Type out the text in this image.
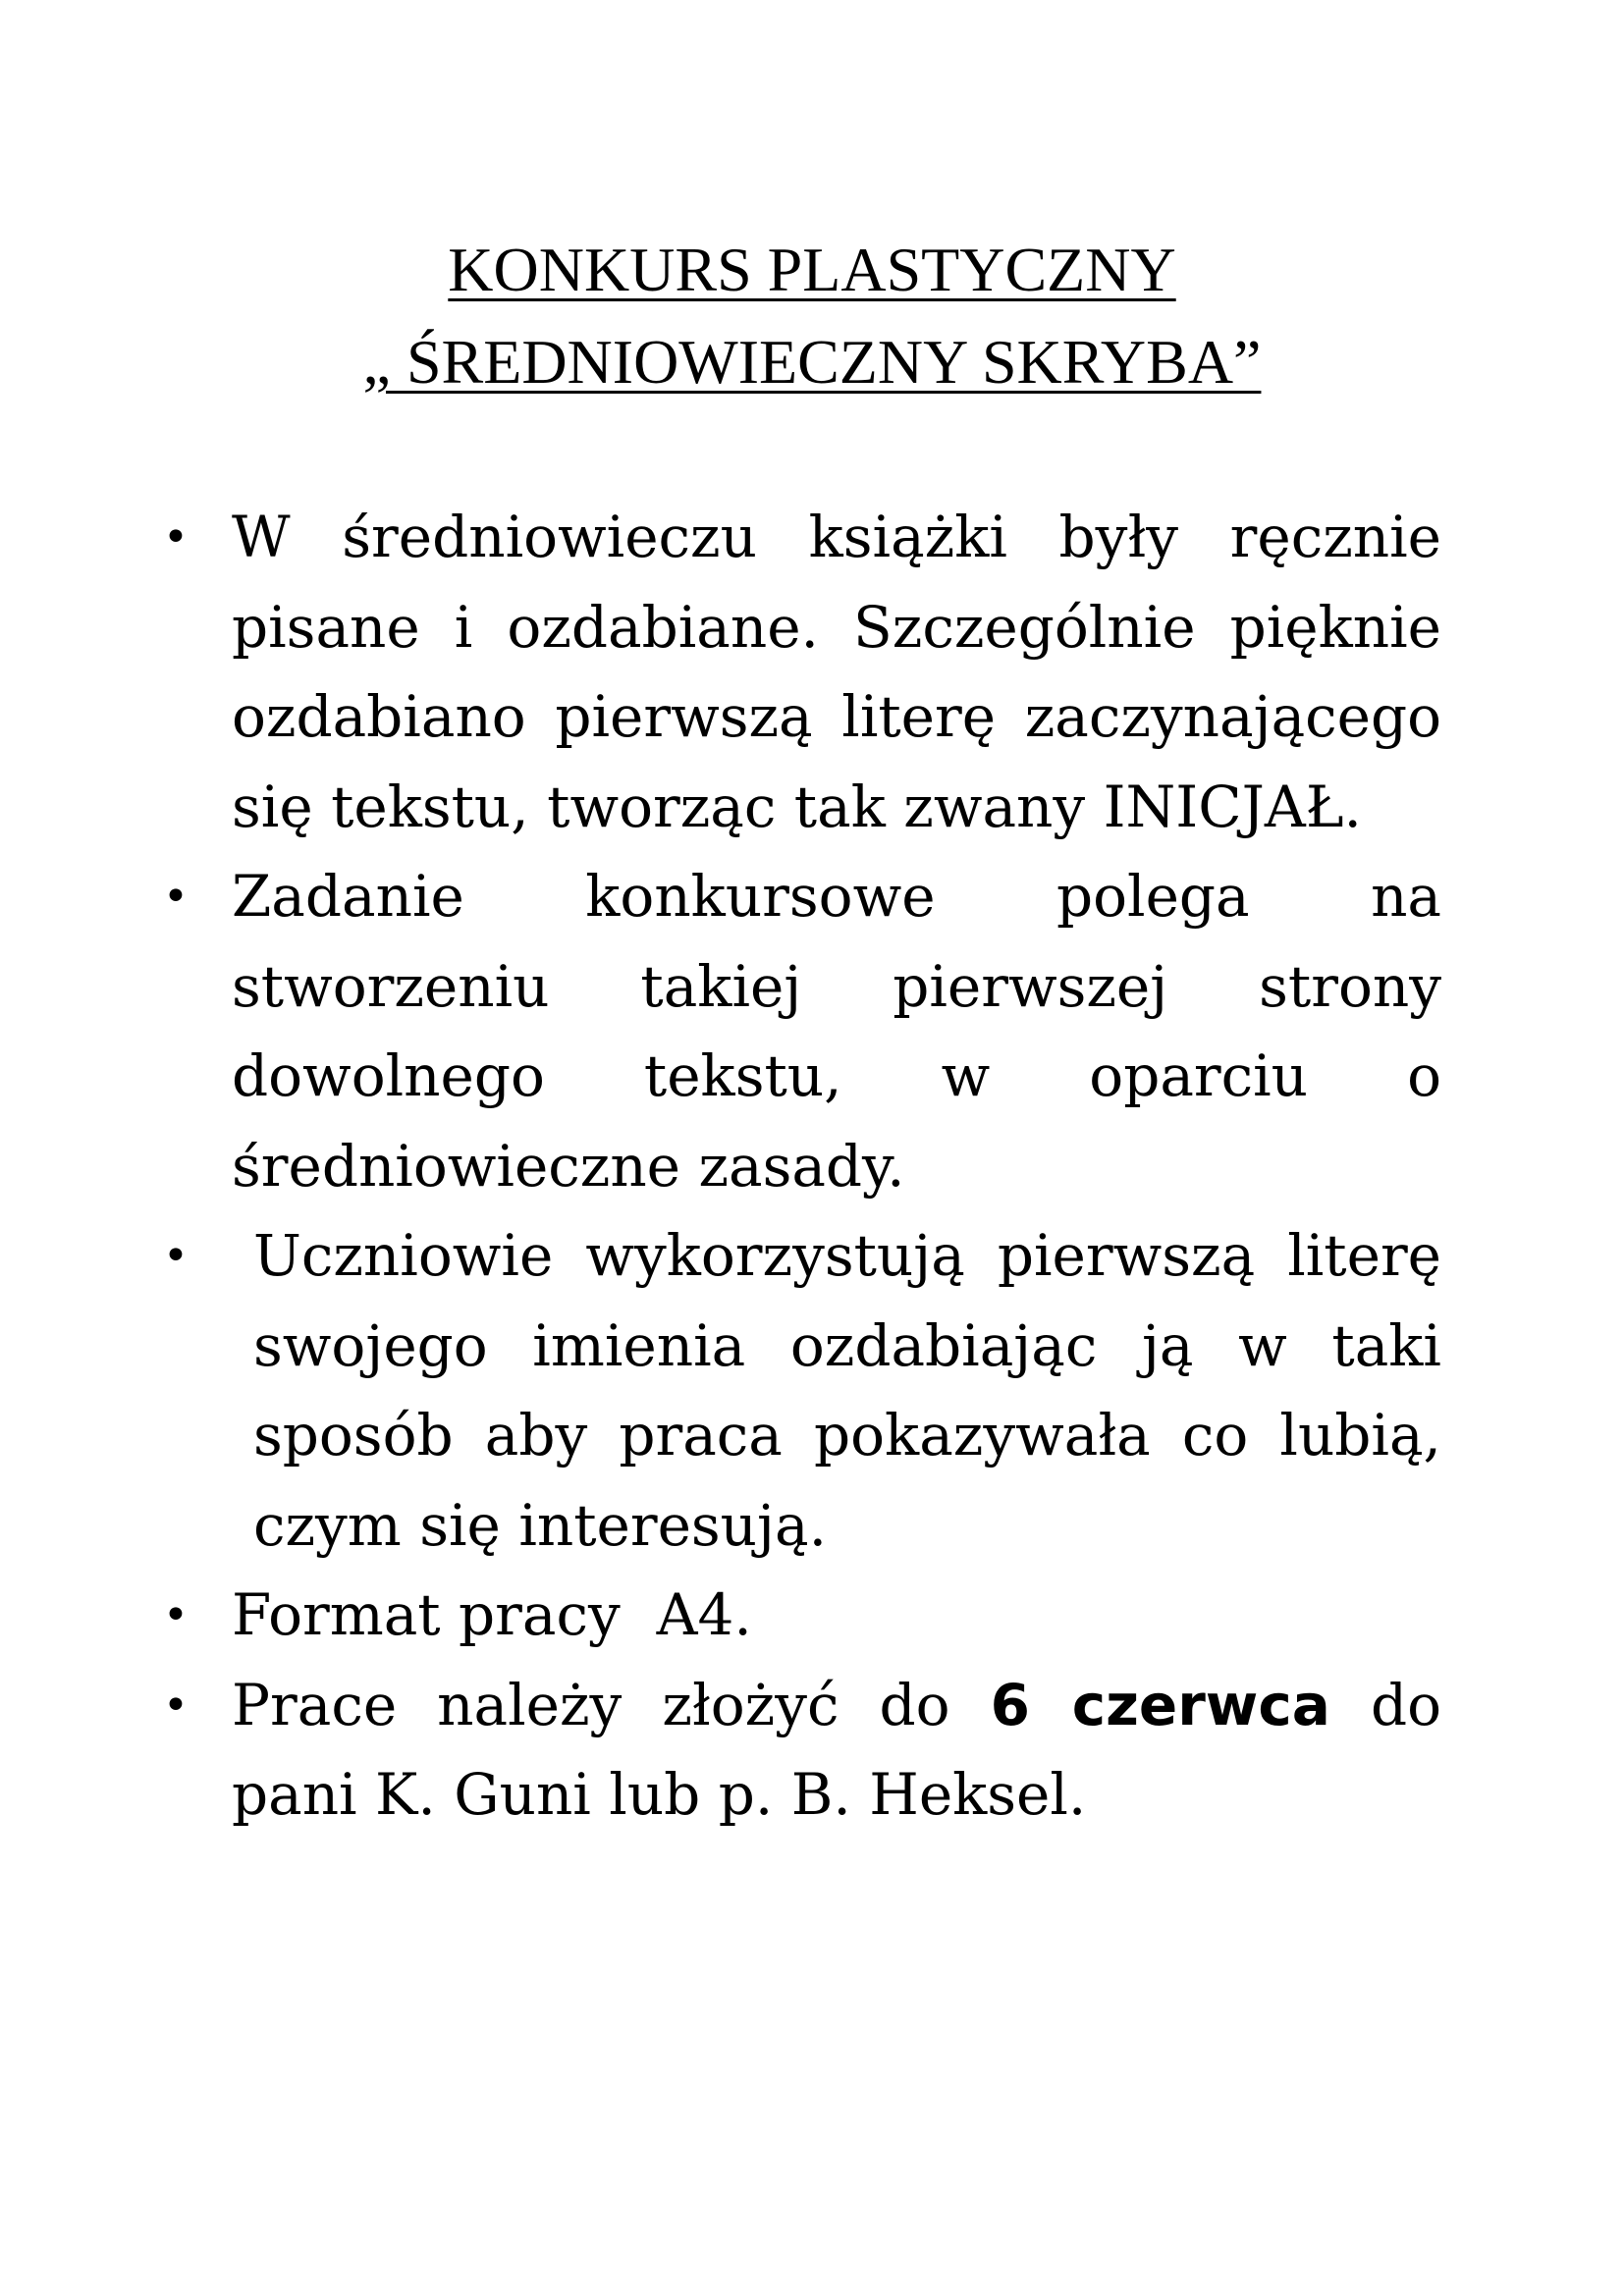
KONKURS PLASTYCZNY
„ ŚREDNIOWIECZNY SKRYBA”
• W średniowieczu książki były ręcznie pisane i ozdabiane. Szczególnie pięknie ozdabiano pierwszą literę zaczynającego się tekstu, tworząc tak zwany INICJAŁ.
• Zadanie konkursowe polega na stworzeniu takiej pierwszej strony dowolnego tekstu, w oparciu o średniowieczne zasady.
• Uczniowie wykorzystują pierwszą literę swojego imienia ozdabiając ją w taki sposób aby praca pokazywała co lubią, czym się interesują.
• Format pracy  A4.
• Prace należy złożyć do 6 czerwca do pani K. Guni lub p. B. Heksel.
